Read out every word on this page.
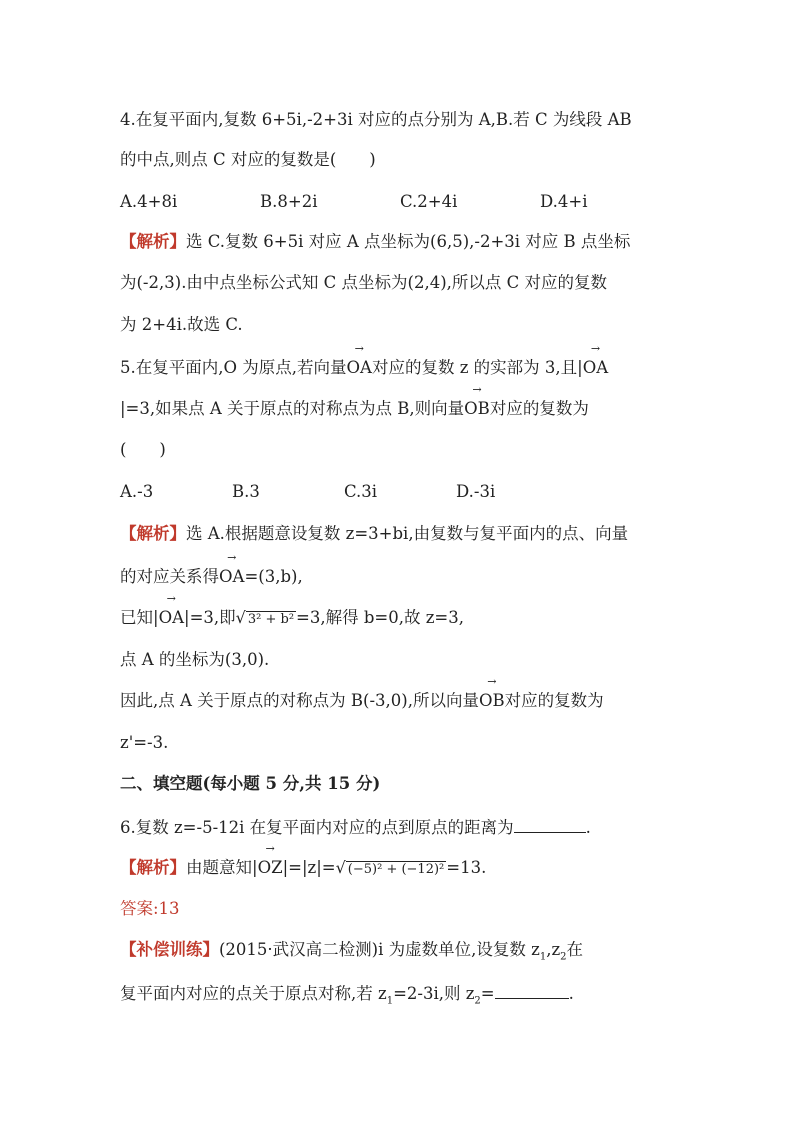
4.在复平面内,复数 6+5i,-2+3i 对应的点分别为 A,B.若 C 为线段 AB
的中点,则点 C 对应的复数是(　　)
A.4+8i	B.8+2i	C.2+4i	D.4+i
【解析】选 C.复数 6+5i 对应 A 点坐标为(6,5),-2+3i 对应 B 点坐标
为(-2,3).由中点坐标公式知 C 点坐标为(2,4),所以点 C 对应的复数
为 2+4i.故选 C.
5.在复平面内,O 为原点,若向量→ OA对应的复数 z 的实部为 3,且|→ OA
|=3,如果点 A 关于原点的对称点为点 B,则向量→ OB对应的复数为
(　　)
A.-3	B.3	C.3i	D.-3i
【解析】选 A.根据题意设复数 z=3+bi,由复数与复平面内的点、向量
的对应关系得→ OA=(3,b),
已知|→ OA|=3,即√ 3² + b² =3,解得 b=0,故 z=3,
点 A 的坐标为(3,0).
因此,点 A 关于原点的对称点为 B(-3,0),所以向量→ OB对应的复数为
z'=-3.
二、填空题(每小题 5 分,共 15 分)
6.复数 z=-5-12i 在复平面内对应的点到原点的距离为	.
【解析】由题意知|→ OZ|=|z|=√ (−5)² + (−12)² =13.
答案:13
【补偿训练】(2015·武汉高二检测)i 为虚数单位,设复数 $z_1,z_2$在
复平面内对应的点关于原点对称,若 $z_1=2-3i$,则 $z_2=$	.
